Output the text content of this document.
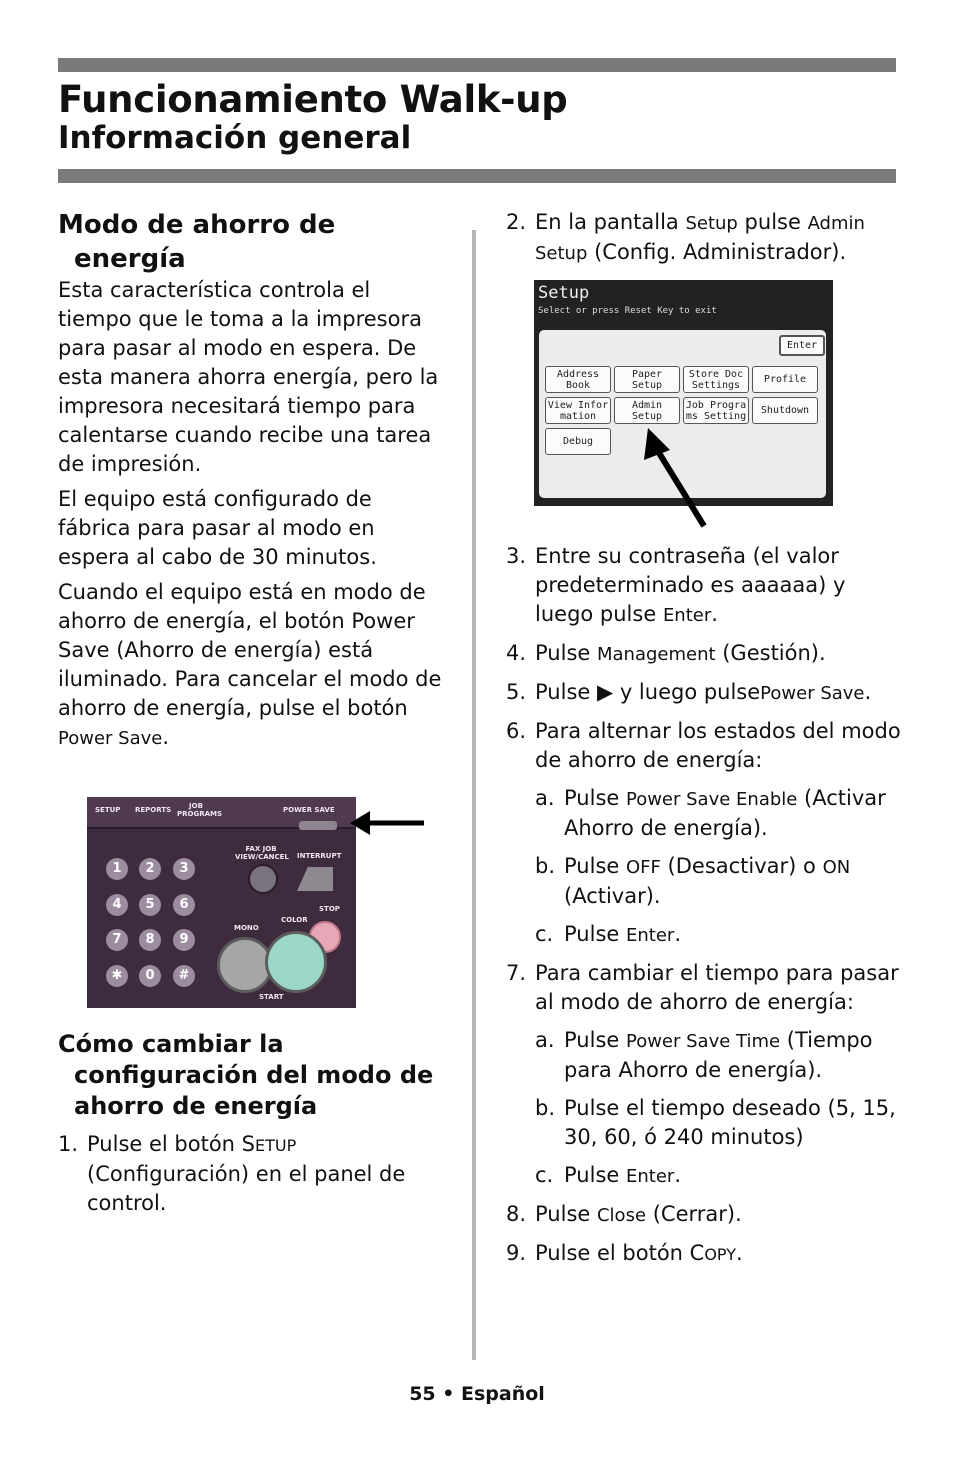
Funcionamiento Walk-up
Información general
Modo de ahorro de
energía

Esta característica controla el tiempo que le toma a la impresora para pasar al modo en espera. De esta manera ahorra energía, pero la impresora necesitará tiempo para calentarse cuando recibe una tarea de impresión.

El equipo está configurado de fábrica para pasar al modo en espera al cabo de 30 minutos.

Cuando el equipo está en modo de ahorro de energía, el botón Power Save (Ahorro de energía) está iluminado. Para cancelar el modo de ahorro de energía, pulse el botón Power Save.

Cómo cambiar la
configuración del modo de
ahorro de energía
1. Pulse el botón SETUP
(Configuración) en el panel de control.
SETUP REPORTS	JOB PROGRAMS	POWER SAVE
FAX JOB VIEW/CANCEL INTERRUPT
STOP
MONO
COLOR
START
1	2	3
4	5	6
7	8	9
✱	0	#
2. En la pantalla Setup pulse Admin Setup (Config. Administrador).
Setup
Select or press Reset Key to exit
Enter
Address Book
Paper Setup
Store Doc Settings	Profile
View Infor mation
Admin Setup
Job Progra ms Setting	Shutdown
Debug
3. Entre su contraseña (el valor predeterminado es aaaaaa) y luego pulse Enter.
4. Pulse Management (Gestión).
5. Pulse ▶ y luego pulsePower Save.
6. Para alternar los estados del modo de ahorro de energía:
a. Pulse Power Save Enable (Activar Ahorro de energía).
b. Pulse OFF (Desactivar) o ON (Activar).
c. Pulse Enter.
7. Para cambiar el tiempo para pasar al modo de ahorro de energía:
a. Pulse Power Save Time (Tiempo para Ahorro de energía).
b. Pulse el tiempo deseado (5, 15, 30, 60, ó 240 minutos)
c. Pulse Enter.
8. Pulse Close (Cerrar).
9. Pulse el botón COPY.
55 • Español
